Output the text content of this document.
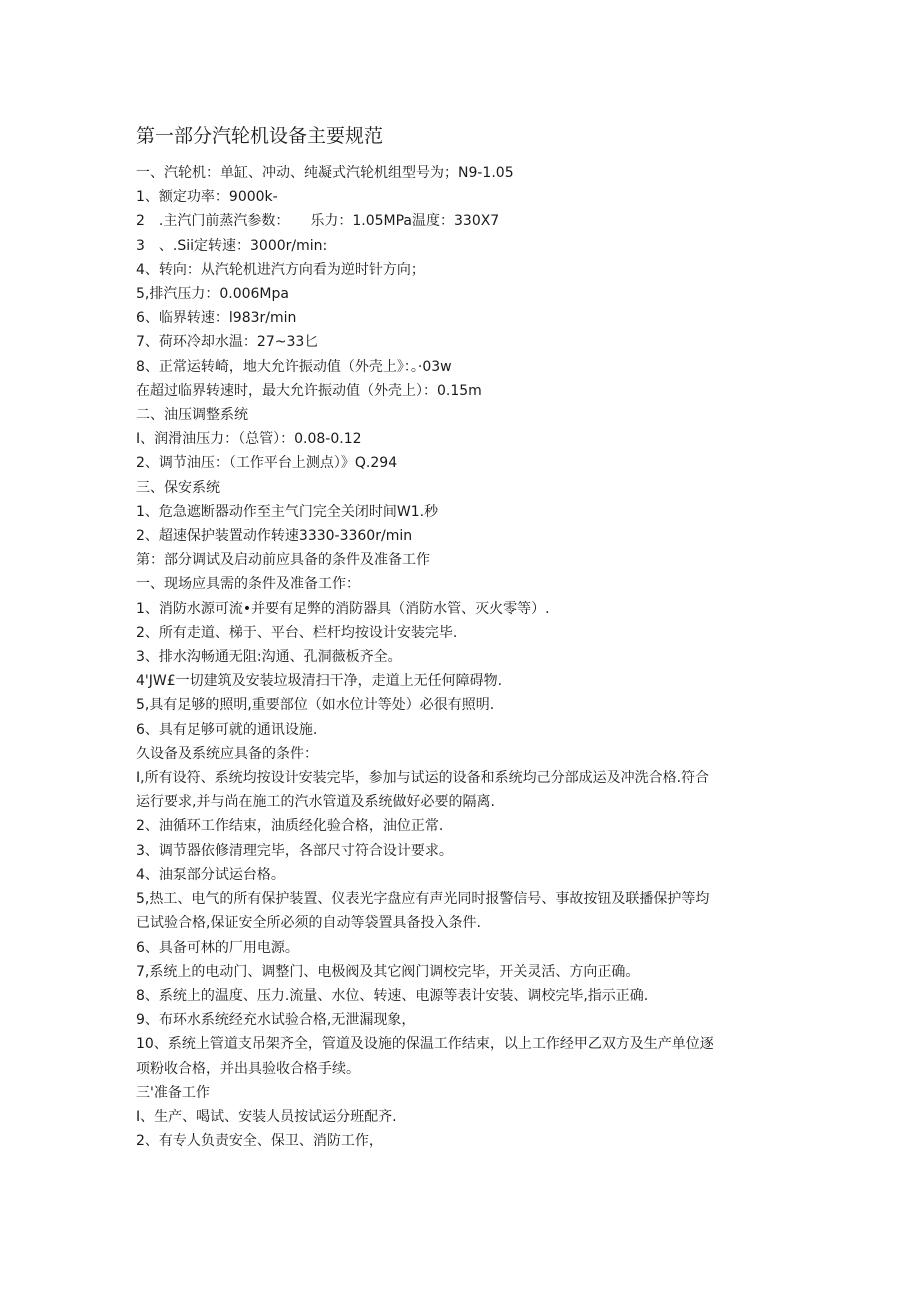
第一部分汽轮机设备主要规范
一、汽轮机：单缸、冲动、纯凝式汽轮机组型号为；N9-1.05
1、额定功率：9000k-
2　.主汽门前蒸汽参数：　　乐力：1.05MPa温度：330X7
3　、.Sii定转速：3000r/min:
4、转向：从汽轮机进汽方向看为逆时针方向；
5,排汽压力：0.006Mpa
6、临界转速：l983r/min
7、荷环冷却水温：27~33匕
8、正常运转崎，地大允许振动值（外壳上》：。·03w
在超过临界转速时，最大允许振动值（外壳上）：0.15m
二、油压调整系统
I、润滑油压力：（总管）：0.08-0.12
2、调节油压：（工作平台上测点）》Q.294
三、保安系统
1、危急遮断器动作至主气门完全关闭时间W1.秒
2、超速保护装置动作转速3330-3360r/min
第：部分调试及启动前应具备的条件及准备工作
一、现场应具需的条件及准备工作：
1、消防水源可流•并要有足弊的消防器具（消防水管、灭火零等）.
2、所有走道、梯于、平台、栏杆均按设计安装完毕.
3、排水沟畅通无阻:沟通、孔洞薇板齐全。
4'JW£一切建筑及安装垃圾清扫干净，走道上无任何障碍物.
5,具有足够的照明,重要部位（如水位计等处）必很有照明.
6、具有足够可就的通讯设施.
久设备及系统应具备的条件：
I,所有设符、系统均按设计安装完毕，参加与试运的设备和系统均己分部成运及冲洗合格.符合
运行要求,并与尚在施工的汽水管道及系统做好必要的隔离.
2、油循环工作结束，油质经化验合格，油位正常.
3、调节器依修清理完毕，各部尺寸符合设计要求。
4、油泵部分试运台格。
5,热工、电气的所有保护装置、仪表光字盘应有声光同时报警信号、事故按钮及联播保护等均
已试验合格,保证安全所必须的自动等袋置具备投入条件.
6、具备可林的厂用电源。
7,系统上的电动门、调整门、电极阀及其它阀门调校完毕，开关灵活、方向正确。
8、系统上的温度、压力.流量、水位、转速、电源等表计安装、调校完毕,指示正确.
9、布环水系统经充水试验合格,无泄漏现象，
10、系统上管道支吊架齐全，管道及设施的保温工作结束，以上工作经甲乙双方及生产单位逐
项粉收合格，并出具验收合格手续。
三'准备工作
I、生产、喝试、安装人员按试运分班配齐.
2、有专人负责安全、保卫、消防工作，
